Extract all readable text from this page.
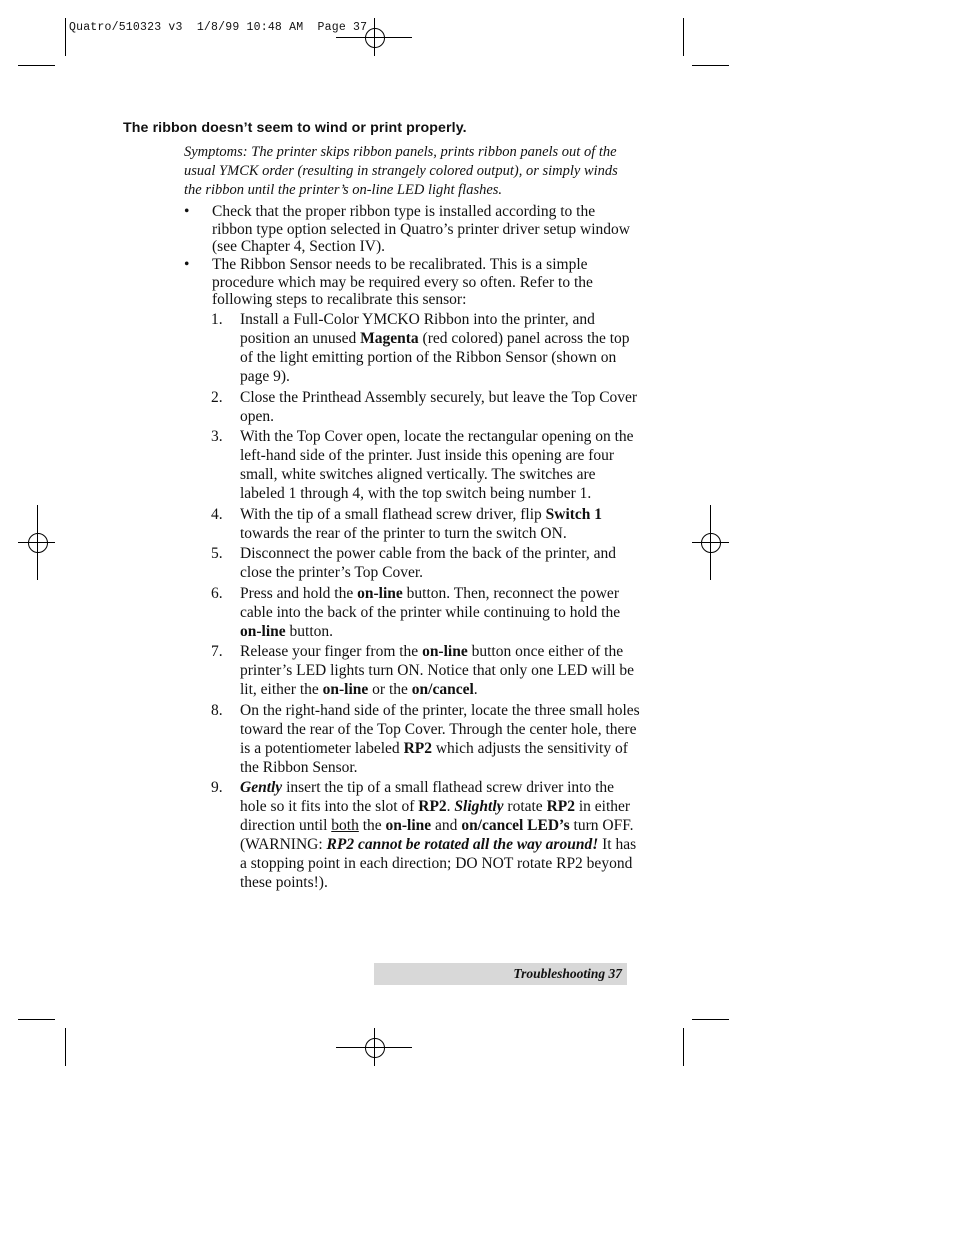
Quatro/510323 v3  1/8/99 10:48 AM  Page 37
The ribbon doesn’t seem to wind or print properly.
Symptoms: The printer skips ribbon panels, prints ribbon panels out of the usual YMCK order (resulting in strangely colored output), or simply winds the ribbon until the printer’s on-line LED light flashes.
• Check that the proper ribbon type is installed according to the ribbon type option selected in Quatro’s printer driver setup window (see Chapter 4, Section IV).
• The Ribbon Sensor needs to be recalibrated. This is a simple procedure which may be required every so often. Refer to the following steps to recalibrate this sensor:
1. Install a Full-Color YMCKO Ribbon into the printer, and position an unused Magenta (red colored) panel across the top of the light emitting portion of the Ribbon Sensor (shown on page 9).
2. Close the Printhead Assembly securely, but leave the Top Cover open.
3. With the Top Cover open, locate the rectangular opening on the left-hand side of the printer. Just inside this opening are four small, white switches aligned vertically. The switches are labeled 1 through 4, with the top switch being number 1.
4. With the tip of a small flathead screw driver, flip Switch 1 towards the rear of the printer to turn the switch ON.
5. Disconnect the power cable from the back of the printer, and close the printer’s Top Cover.
6. Press and hold the on-line button. Then, reconnect the power cable into the back of the printer while continuing to hold the on-line button.
7. Release your finger from the on-line button once either of the printer’s LED lights turn ON. Notice that only one LED will be lit, either the on-line or the on/cancel.
8. On the right-hand side of the printer, locate the three small holes toward the rear of the Top Cover. Through the center hole, there is a potentiometer labeled RP2 which adjusts the sensitivity of the Ribbon Sensor.
9. Gently insert the tip of a small flathead screw driver into the hole so it fits into the slot of RP2. Slightly rotate RP2 in either direction until both the on-line and on/cancel LED’s turn OFF. (WARNING: RP2 cannot be rotated all the way around! It has a stopping point in each direction; DO NOT rotate RP2 beyond these points!).
Troubleshooting 37
